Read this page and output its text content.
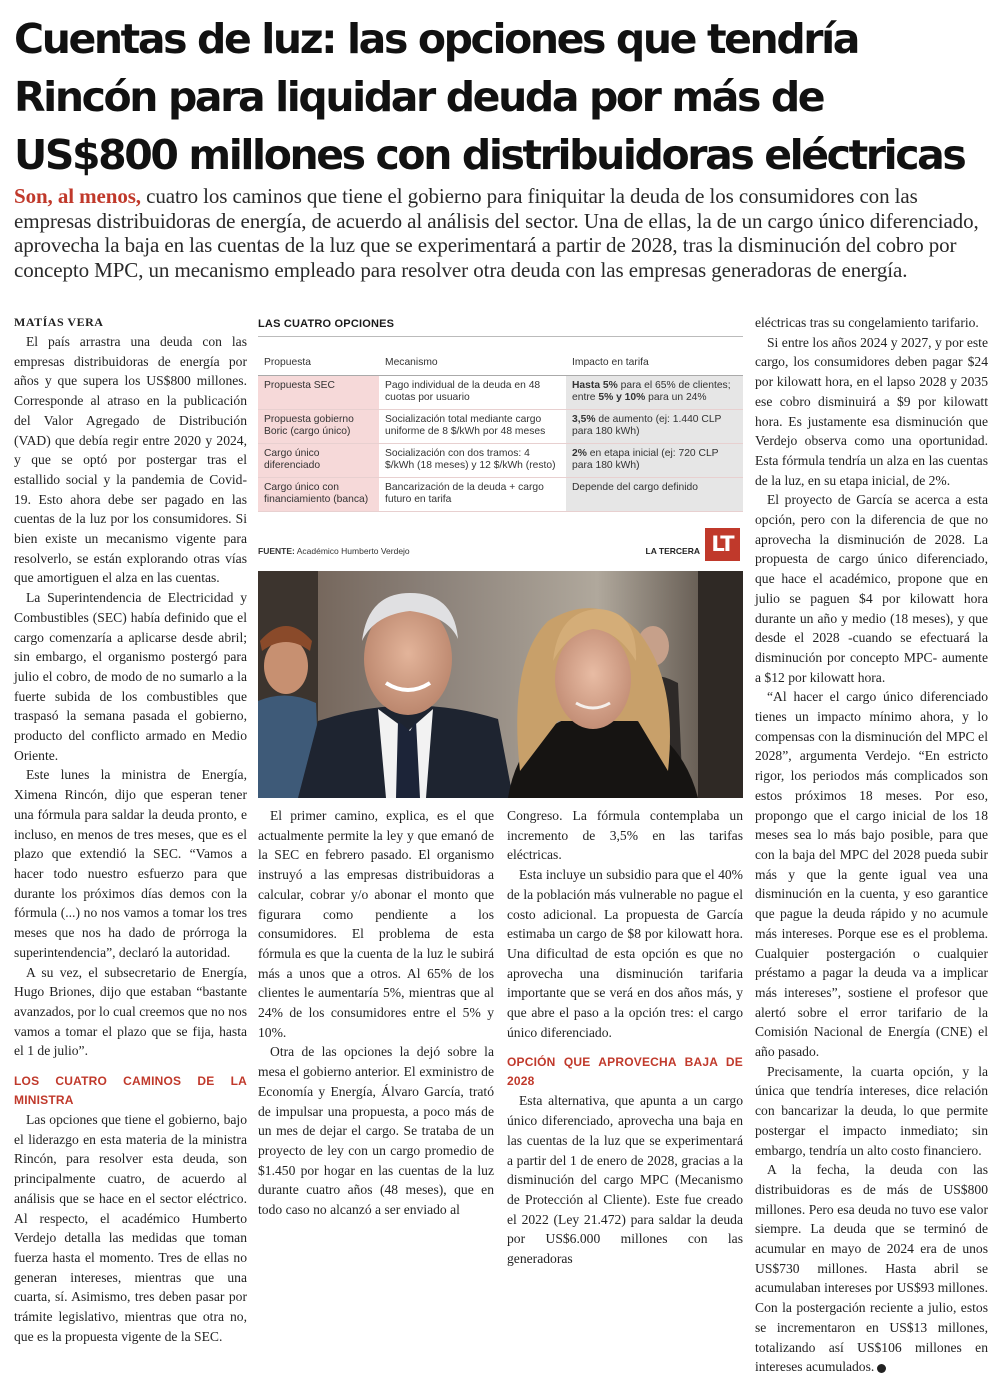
Cuentas de luz: las opciones que tendría Rincón para liquidar deuda por más de US$800 millones con distribuidoras eléctricas

Son, al menos, cuatro los caminos que tiene el gobierno para finiquitar la deuda de los consumidores con las empresas distribuidoras de energía, de acuerdo al análisis del sector. Una de ellas, la de un cargo único diferenciado, aprovecha la baja en las cuentas de la luz que se experimentará a partir de 2028, tras la disminución del cobro por concepto MPC, un mecanismo empleado para resolver otra deuda con las empresas generadoras de energía.

MATÍAS VERA

El país arrastra una deuda con las empresas distribuidoras de energía por años y que supera los US$800 millones. Corresponde al atraso en la publicación del Valor Agregado de Distribución (VAD) que debía regir entre 2020 y 2024, y que se optó por postergar tras el estallido social y la pandemia de Covid-19. Esto ahora debe ser pagado en las cuentas de la luz por los consumidores. Si bien existe un mecanismo vigente para resolverlo, se están explorando otras vías que amortiguen el alza en las cuentas.

La Superintendencia de Electricidad y Combustibles (SEC) había definido que el cargo comenzaría a aplicarse desde abril; sin embargo, el organismo postergó para julio el cobro, de modo de no sumarlo a la fuerte subida de los combustibles que traspasó la semana pasada el gobierno, producto del conflicto armado en Medio Oriente.

Este lunes la ministra de Energía, Ximena Rincón, dijo que esperan tener una fórmula para saldar la deuda pronto, e incluso, en menos de tres meses, que es el plazo que extendió la SEC. “Vamos a hacer todo nuestro esfuerzo para que durante los próximos días demos con la fórmula (...) no nos vamos a tomar los tres meses que nos ha dado de prórroga la superintendencia”, declaró la autoridad.

A su vez, el subsecretario de Energía, Hugo Briones, dijo que estaban “bastante avanzados, por lo cual creemos que no nos vamos a tomar el plazo que se fija, hasta el 1 de julio”.

LOS CUATRO CAMINOS DE LA MINISTRA

Las opciones que tiene el gobierno, bajo el liderazgo en esta materia de la ministra Rincón, para resolver esta deuda, son principalmente cuatro, de acuerdo al análisis que se hace en el sector eléctrico. Al respecto, el académico Humberto Verdejo detalla las medidas que toman fuerza hasta el momento. Tres de ellas no generan intereses, mientras que una cuarta, sí. Asimismo, tres deben pasar por trámite legislativo, mientras que otra no, que es la propuesta vigente de la SEC.

LAS CUATRO OPCIONES
Propuesta	Mecanismo	Impacto en tarifa
Propuesta SEC	Pago individual de la deuda en 48 cuotas por usuario	Hasta 5% para el 65% de clientes; entre 5% y 10% para un 24%
Propuesta gobierno Boric (cargo único)	Socialización total mediante cargo uniforme de 8 $/kWh por 48 meses	3,5% de aumento (ej: 1.440 CLP para 180 kWh)
Cargo único diferenciado	Socialización con dos tramos: 4 $/kWh (18 meses) y 12 $/kWh (resto)	2% en etapa inicial (ej: 720 CLP para 180 kWh)
Cargo único con financiamiento (banca)	Bancarización de la deuda + cargo futuro en tarifa	Depende del cargo definido
FUENTE: Académico Humberto Verdejo	LA TERCERA LT

El primer camino, explica, es el que actualmente permite la ley y que emanó de la SEC en febrero pasado. El organismo instruyó a las empresas distribuidoras a calcular, cobrar y/o abonar el monto que figurara como pendiente a los consumidores. El problema de esta fórmula es que la cuenta de la luz le subirá más a unos que a otros. Al 65% de los clientes le aumentaría 5%, mientras que al 24% de los consumidores entre el 5% y 10%.

Otra de las opciones la dejó sobre la mesa el gobierno anterior. El exministro de Economía y Energía, Álvaro García, trató de impulsar una propuesta, a poco más de un mes de dejar el cargo. Se trataba de un proyecto de ley con un cargo promedio de $1.450 por hogar en las cuentas de la luz durante cuatro años (48 meses), que en todo caso no alcanzó a ser enviado al

Congreso. La fórmula contemplaba un incremento de 3,5% en las tarifas eléctricas.

Esta incluye un subsidio para que el 40% de la población más vulnerable no pague el costo adicional. La propuesta de García estimaba un cargo de $8 por kilowatt hora. Una dificultad de esta opción es que no aprovecha una disminución tarifaria importante que se verá en dos años más, y que abre el paso a la opción tres: el cargo único diferenciado.

OPCIÓN QUE APROVECHA BAJA DE 2028

Esta alternativa, que apunta a un cargo único diferenciado, aprovecha una baja en las cuentas de la luz que se experimentará a partir del 1 de enero de 2028, gracias a la disminución del cargo MPC (Mecanismo de Protección al Cliente). Este fue creado el 2022 (Ley 21.472) para saldar la deuda por US$6.000 millones con las generadoras

eléctricas tras su congelamiento tarifario.

Si entre los años 2024 y 2027, y por este cargo, los consumidores deben pagar $24 por kilowatt hora, en el lapso 2028 y 2035 ese cobro disminuirá a $9 por kilowatt hora. Es justamente esa disminución que Verdejo observa como una oportunidad. Esta fórmula tendría un alza en las cuentas de la luz, en su etapa inicial, de 2%.

El proyecto de García se acerca a esta opción, pero con la diferencia de que no aprovecha la disminución de 2028. La propuesta de cargo único diferenciado, que hace el académico, propone que en julio se paguen $4 por kilowatt hora durante un año y medio (18 meses), y que desde el 2028 -cuando se efectuará la disminución por concepto MPC- aumente a $12 por kilowatt hora.

“Al hacer el cargo único diferenciado tienes un impacto mínimo ahora, y lo compensas con la disminución del MPC el 2028”, argumenta Verdejo. “En estricto rigor, los periodos más complicados son estos próximos 18 meses. Por eso, propongo que el cargo inicial de los 18 meses sea lo más bajo posible, para que con la baja del MPC del 2028 pueda subir más y que la gente igual vea una disminución en la cuenta, y eso garantice que pague la deuda rápido y no acumule más intereses. Porque ese es el problema. Cualquier postergación o cualquier préstamo a pagar la deuda va a implicar más intereses”, sostiene el profesor que alertó sobre el error tarifario de la Comisión Nacional de Energía (CNE) el año pasado.

Precisamente, la cuarta opción, y la única que tendría intereses, dice relación con bancarizar la deuda, lo que permite postergar el impacto inmediato; sin embargo, tendría un alto costo financiero.

A la fecha, la deuda con las distribuidoras es de más de US$800 millones. Pero esa deuda no tuvo ese valor siempre. La deuda que se terminó de acumular en mayo de 2024 era de unos US$730 millones. Hasta abril se acumulaban intereses por US$93 millones. Con la postergación reciente a julio, estos se incrementaron en US$13 millones, totalizando así US$106 millones en intereses acumulados.
